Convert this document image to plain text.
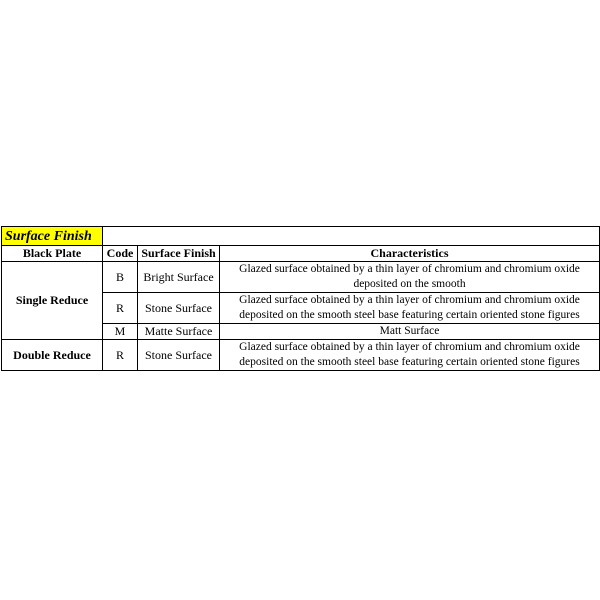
Surface Finish			
Black Plate	Code	Surface Finish	Characteristics
Single Reduce	B	Bright Surface	Glazed surface obtained by a thin layer of chromium and chromium oxide deposited on the smooth
	R	Stone Surface	Glazed surface obtained by a thin layer of chromium and chromium oxide deposited on the smooth steel base featuring certain oriented stone figures
	M	Matte Surface	Matt Surface
Double Reduce	R	Stone Surface	Glazed surface obtained by a thin layer of chromium and chromium oxide deposited on the smooth steel base featuring certain oriented stone figures
